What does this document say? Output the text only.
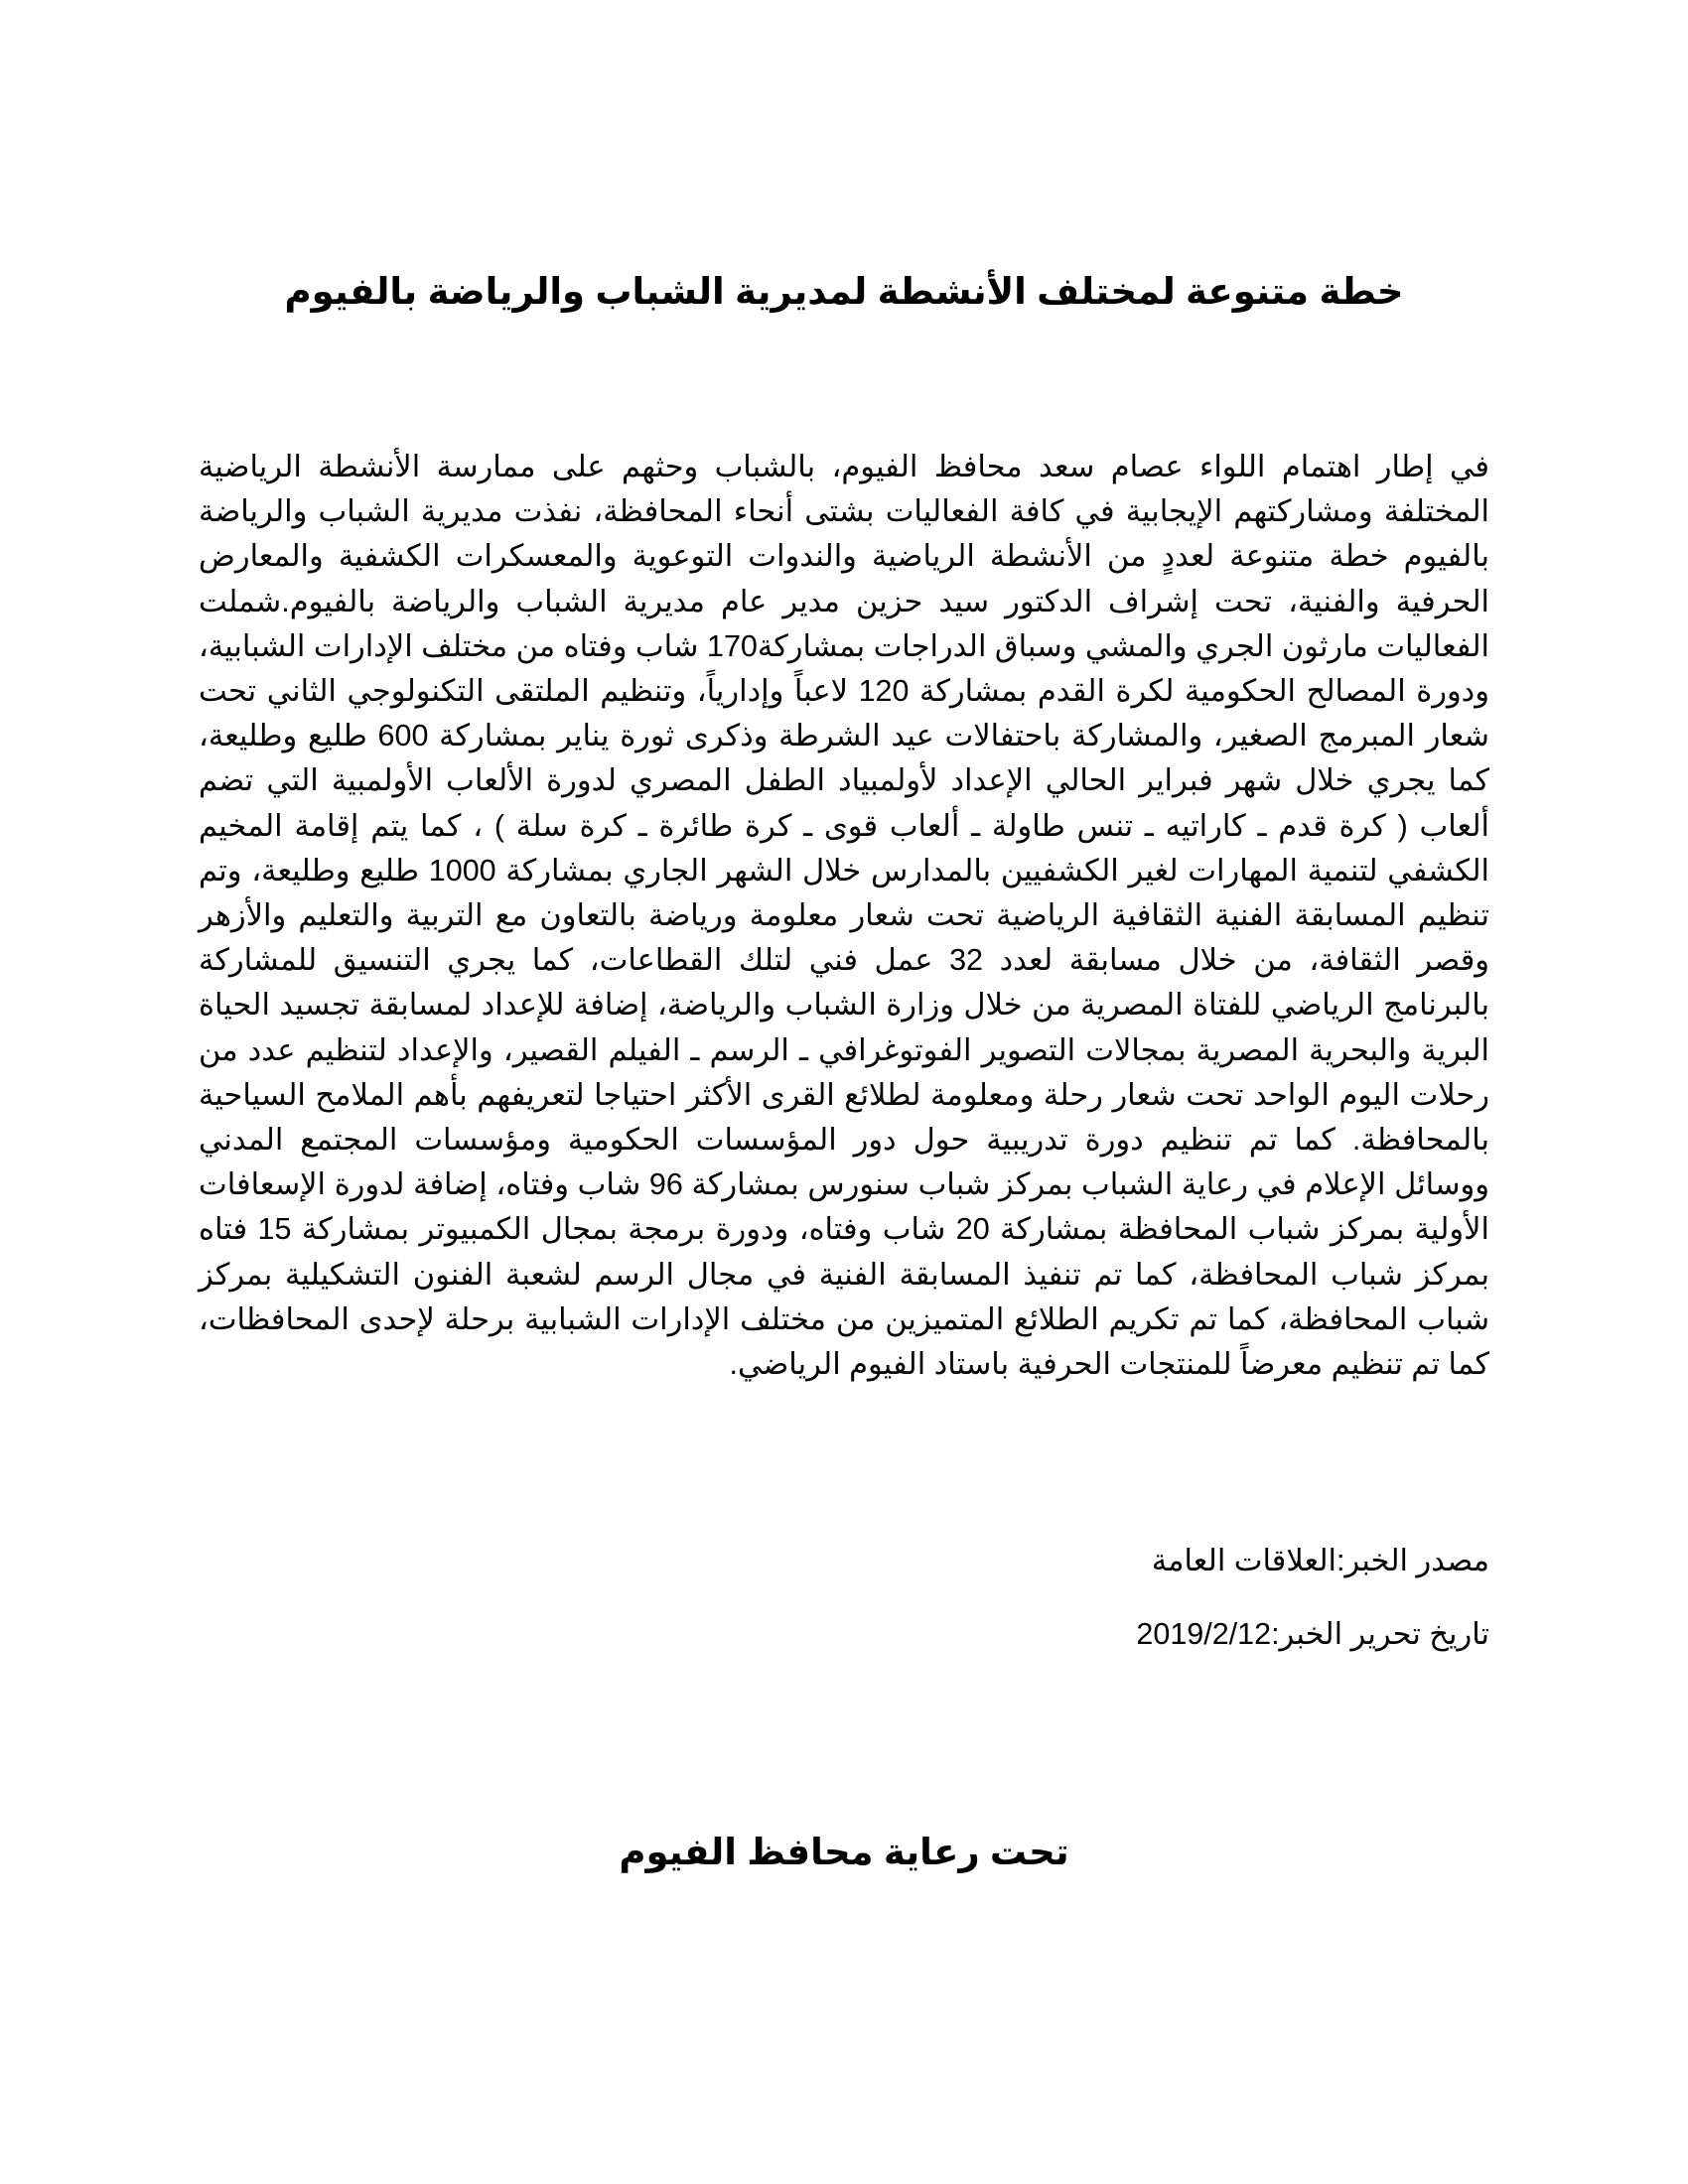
خطة متنوعة لمختلف الأنشطة لمديرية الشباب والرياضة بالفيوم

في إطار اهتمام اللواء عصام سعد محافظ الفيوم، بالشباب وحثهم على ممارسة الأنشطة الرياضية المختلفة ومشاركتهم الإيجابية في كافة الفعاليات بشتى أنحاء المحافظة، نفذت مديرية الشباب والرياضة بالفيوم خطة متنوعة لعددٍ من الأنشطة الرياضية والندوات التوعوية والمعسكرات الكشفية والمعارض الحرفية والفنية، تحت إشراف الدكتور سيد حزين مدير عام مديرية الشباب والرياضة بالفيوم.شملت الفعاليات مارثون الجري والمشي وسباق الدراجات بمشاركة170 شاب وفتاه من مختلف الإدارات الشبابية، ودورة المصالح الحكومية لكرة القدم بمشاركة 120 لاعباً وإدارياً، وتنظيم الملتقى التكنولوجي الثاني تحت شعار المبرمج الصغير، والمشاركة باحتفالات عيد الشرطة وذكرى ثورة يناير بمشاركة 600 طليع وطليعة، كما يجري خلال شهر فبراير الحالي الإعداد لأولمبياد الطفل المصري لدورة الألعاب الأولمبية التي تضم ألعاب ( كرة قدم ـ كاراتيه ـ تنس طاولة ـ ألعاب قوى ـ كرة طائرة ـ كرة سلة ) ، كما يتم إقامة المخيم الكشفي لتنمية المهارات لغير الكشفيين بالمدارس خلال الشهر الجاري بمشاركة 1000 طليع وطليعة، وتم تنظيم المسابقة الفنية الثقافية الرياضية تحت شعار معلومة ورياضة بالتعاون مع التربية والتعليم والأزهر وقصر الثقافة، من خلال مسابقة لعدد 32 عمل فني لتلك القطاعات، كما يجري التنسيق للمشاركة بالبرنامج الرياضي للفتاة المصرية من خلال وزارة الشباب والرياضة، إضافة للإعداد لمسابقة تجسيد الحياة البرية والبحرية المصرية بمجالات التصوير الفوتوغرافي ـ الرسم ـ الفيلم القصير، والإعداد لتنظيم عدد من رحلات اليوم الواحد تحت شعار رحلة ومعلومة لطلائع القرى الأكثر احتياجا لتعريفهم بأهم الملامح السياحية بالمحافظة. كما تم تنظيم دورة تدريبية حول دور المؤسسات الحكومية ومؤسسات المجتمع المدني ووسائل الإعلام في رعاية الشباب بمركز شباب سنورس بمشاركة 96 شاب وفتاه، إضافة لدورة الإسعافات الأولية بمركز شباب المحافظة بمشاركة 20 شاب وفتاه، ودورة برمجة بمجال الكمبيوتر بمشاركة 15 فتاه بمركز شباب المحافظة، كما تم تنفيذ المسابقة الفنية في مجال الرسم لشعبة الفنون التشكيلية بمركز شباب المحافظة، كما تم تكريم الطلائع المتميزين من مختلف الإدارات الشبابية برحلة لإحدى المحافظات، كما تم تنظيم معرضاً للمنتجات الحرفية باستاد الفيوم الرياضي.

مصدر الخبر:العلاقات العامة

تاريخ تحرير الخبر:2019/2/12

تحت رعاية محافظ الفيوم
